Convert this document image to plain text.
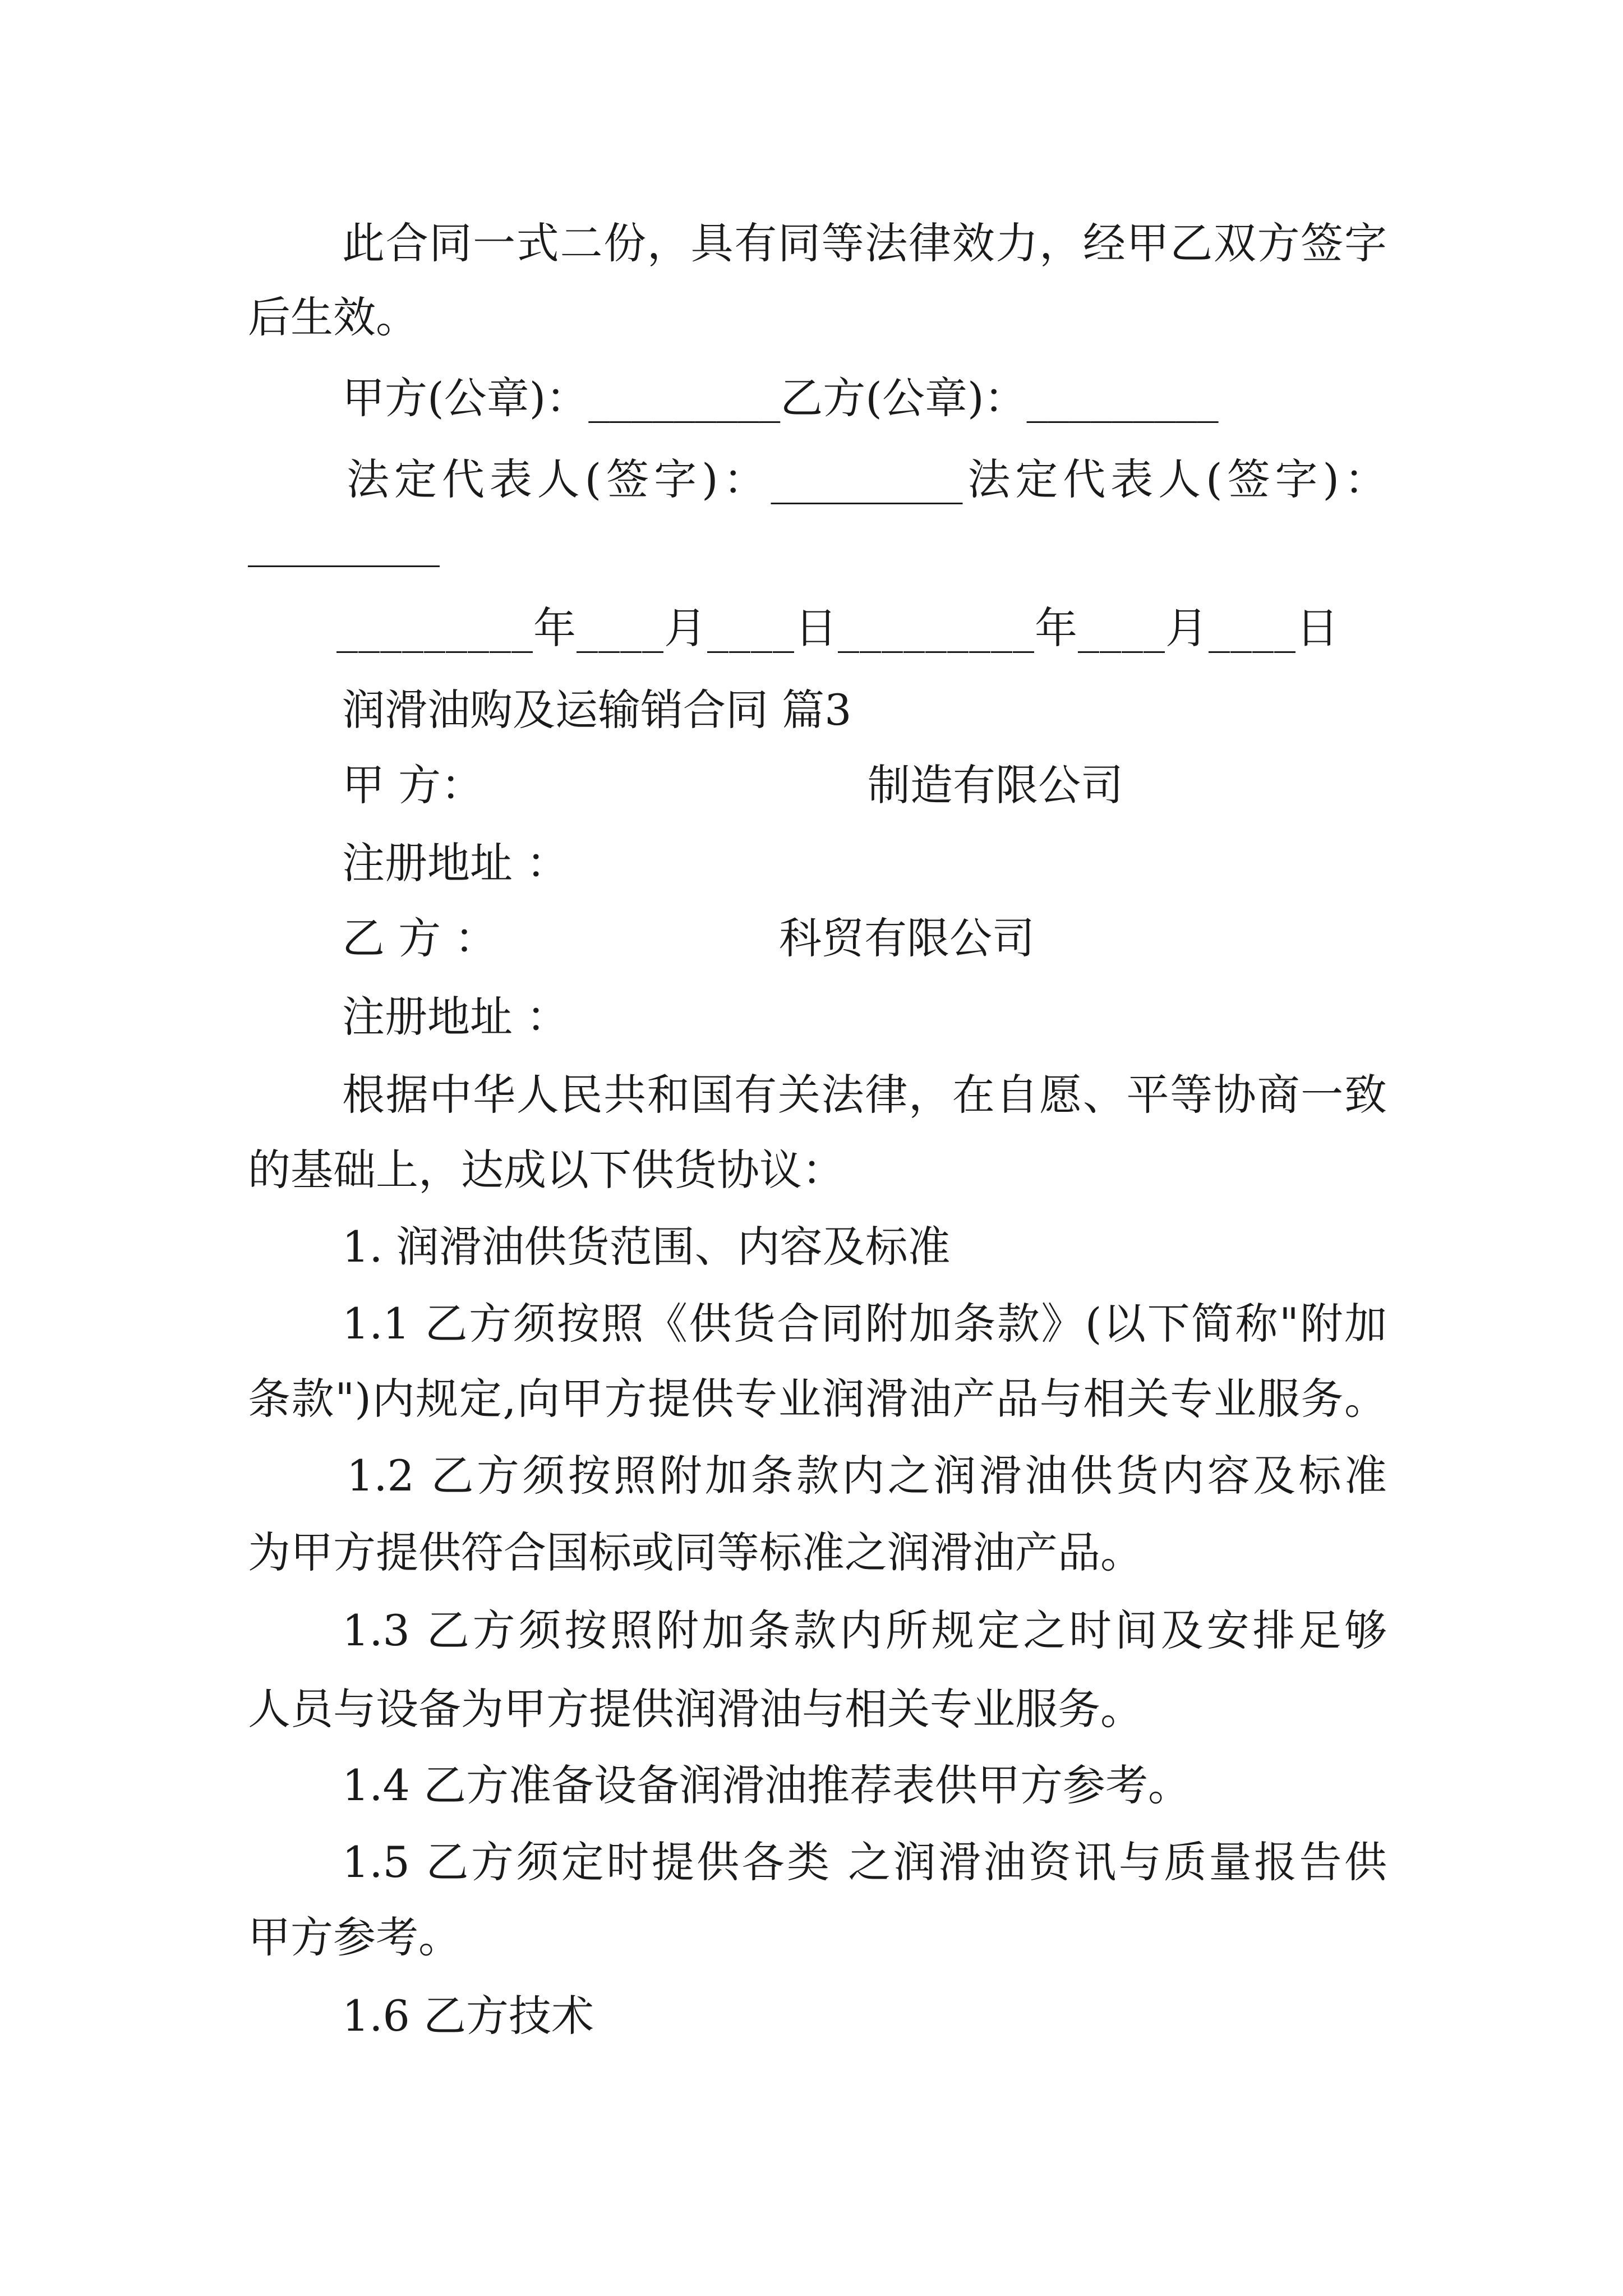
此合同一式二份，具有同等法律效力，经甲乙双方签字
后生效。
甲方(公章)：_________乙方(公章)：_________
法定代表人(签字)：_________法定代表人(签字)：
_________
_________年____月____日_________年____月____日
润滑油购及运输销合同 篇3
甲 方：	制造有限公司
注册地址 ：
乙 方 ：	科贸有限公司
注册地址 ：
根据中华人民共和国有关法律，在自愿、平等协商一致
的基础上，达成以下供货协议：
1. 润滑油供货范围、内容及标准
1.1 乙方须按照《供货合同附加条款》(以下简称"附加
条款")内规定,向甲方提供专业润滑油产品与相关专业服务。
1.2 乙方须按照附加条款内之润滑油供货内容及标准
为甲方提供符合国标或同等标准之润滑油产品。
1.3 乙方须按照附加条款内所规定之时间及安排足够
人员与设备为甲方提供润滑油与相关专业服务。
1.4 乙方准备设备润滑油推荐表供甲方参考。
1.5 乙方须定时提供各类 之润滑油资讯与质量报告供
甲方参考。
1.6 乙方技术
